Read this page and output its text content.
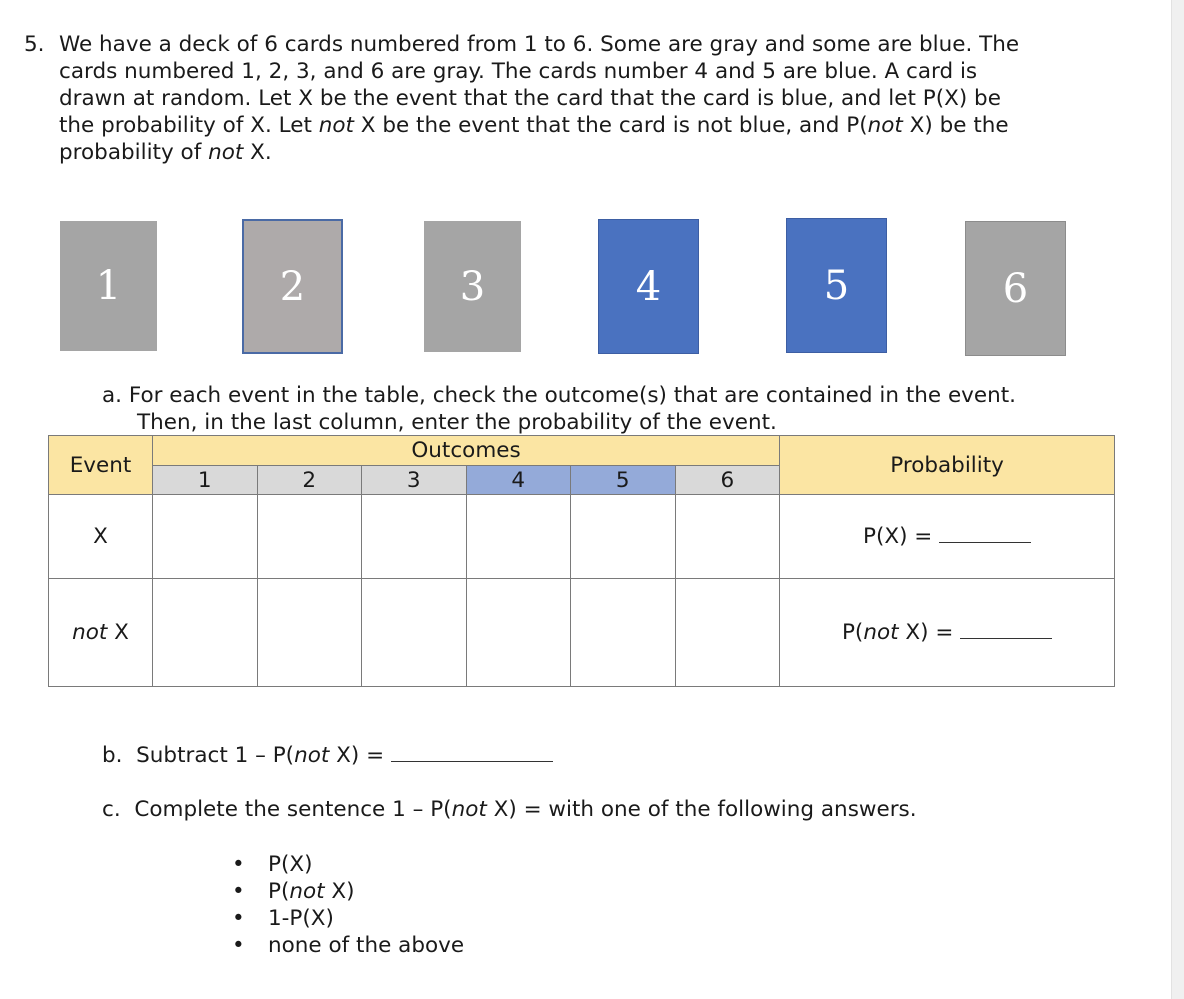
5. We have a deck of 6 cards numbered from 1 to 6. Some are gray and some are blue. The
cards numbered 1, 2, 3, and 6 are gray. The cards number 4 and 5 are blue. A card is
drawn at random. Let X be the event that the card that the card is blue, and let P(X) be
the probability of X. Let not X be the event that the card is not blue, and P(not X) be the
probability of not X.
1	2	3	4	5	6
a. For each event in the table, check the outcome(s) that are contained in the event.
Then, in the last column, enter the probability of the event.
Event	Outcomes						Probability
	1	2	3	4	5	6	
X							P(X) =
not X							P(not X) =
b. Subtract 1 – P(not X) =
c. Complete the sentence 1 – P(not X) = with one of the following answers.
• P(X)
• P(not X)
• 1-P(X)
• none of the above
